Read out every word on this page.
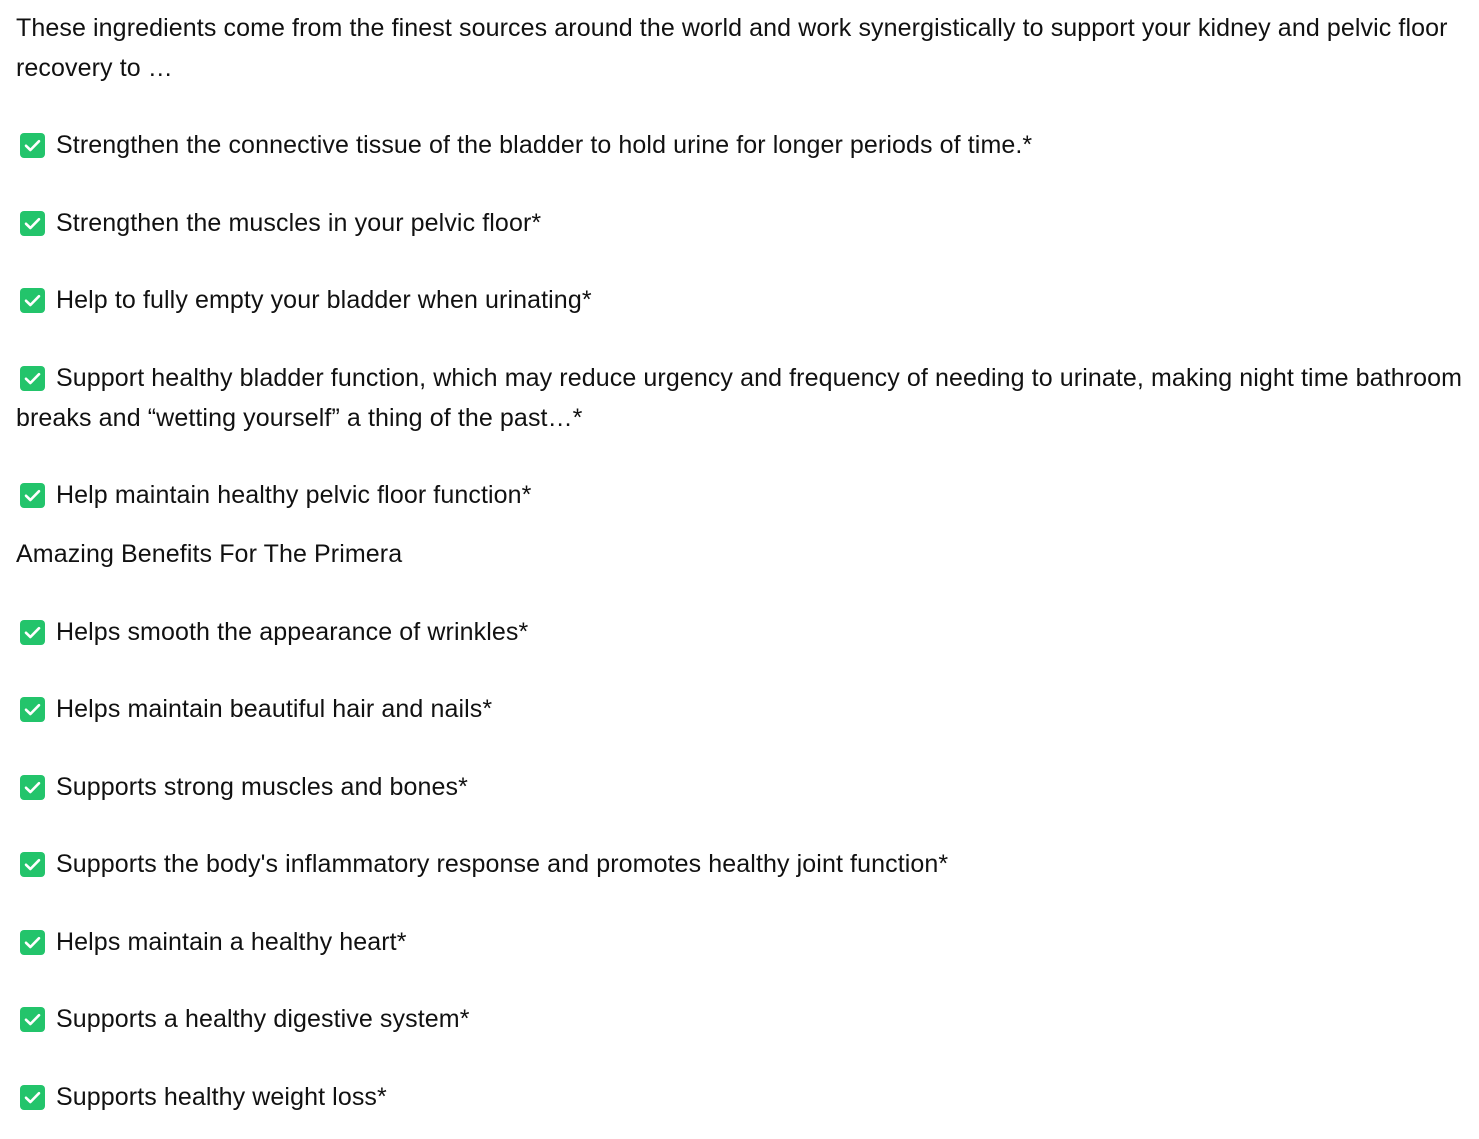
These ingredients come from the finest sources around the world and work synergistically to support your kidney and pelvic floor recovery to …

Strengthen the connective tissue of the bladder to hold urine for longer periods of time.*

Strengthen the muscles in your pelvic floor*

Help to fully empty your bladder when urinating*

Support healthy bladder function, which may reduce urgency and frequency of needing to urinate, making night time bathroom breaks and “wetting yourself” a thing of the past…*

Help maintain healthy pelvic floor function*

Amazing Benefits For The Primera

Helps smooth the appearance of wrinkles*

Helps maintain beautiful hair and nails*

Supports strong muscles and bones*

Supports the body's inflammatory response and promotes healthy joint function*

Helps maintain a healthy heart*

Supports a healthy digestive system*

Supports healthy weight loss*
